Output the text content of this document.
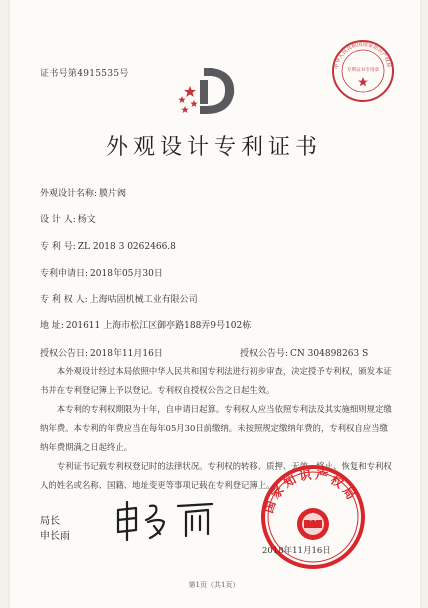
证书号第4915535号	专利证书专用章
中华人民共和国国家知识产权局
外观设计专利证书
外观设计名称: 膜片阀
设 计 人: 杨文
专 利 号: ZL 2018 3 0262466.8
专利申请日: 2018年05月30日
专 利 权 人: 上海咕固机械工业有限公司
地 址: 201611 上海市松江区御亭路188弄9号102栋
授权公告日: 2018年11月16日	授权公告号: CN 304898263 S
本外观设计经过本局依照中华人民共和国专利法进行初步审查，决定授予专利权，颁发本证书并在专利登记簿上予以登记。专利权自授权公告之日起生效。
本专利的专利权期限为十年，自申请日起算。专利权人应当依照专利法及其实施细则规定缴纳年费。本专利的年费应当在每年05月30日前缴纳。未按照规定缴纳年费的，专利权自应当缴纳年费期满之日起终止。
专利证书记载专利权登记时的法律状况。专利权的转移、质押、无效、终止、恢复和专利权人的姓名或名称、国籍、地址变更等事项记载在专利登记簿上。
局长
申长雨
国家知识产权局
2018年11月16日
第1页（共1页）
